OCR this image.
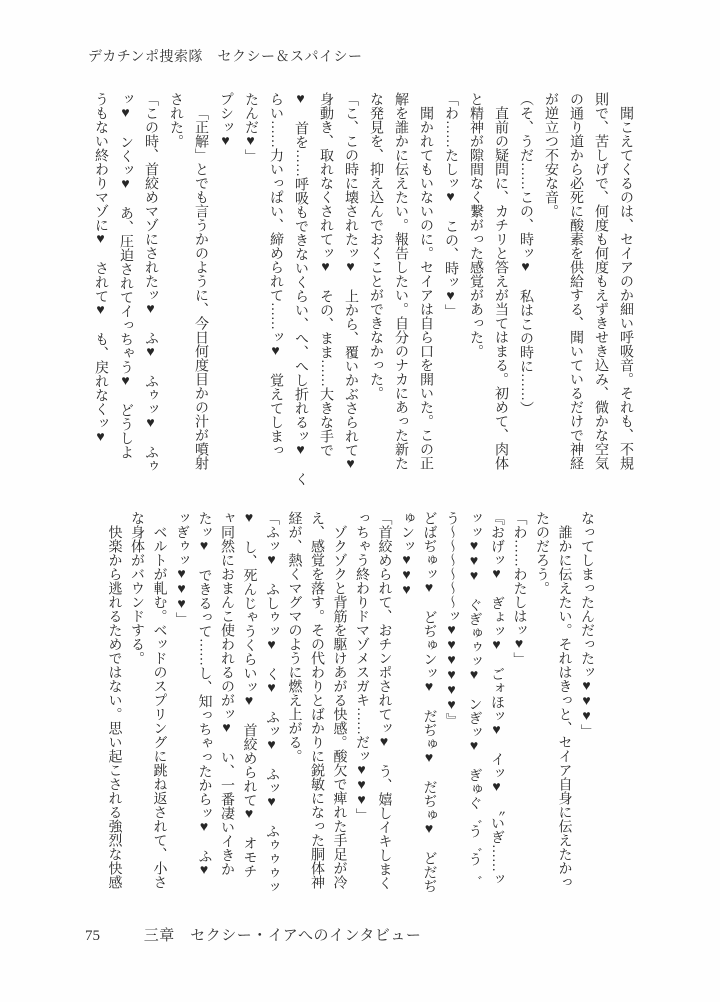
デカチンポ捜索隊　セクシー＆スパイシー

聞こえてくるのは、セイアのか細い呼吸音。それも、不規

則で、苦しげで、何度も何度もえずきせき込み、微かな空気

の通り道から必死に酸素を供給する、聞いているだけで神経

が逆立つ不安な音。

（そ、うだ……この、時ッ♥　私はこの時に……）

直前の疑問に、カチリと答えが当てはまる。初めて、肉体

と精神が隙間なく繋がった感覚があった。

「わ……たしッ♥　この、時ッ♥」

聞かれてもいないのに。セイアは自ら口を開いた。この正

解を誰かに伝えたい。報告したい。自分のナカにあった新た

な発見を、抑え込んでおくことができなかった。

「こ、この時に壊されたッ♥　上から、覆いかぶさられて♥

身動き、取れなくされてッ♥　その、まま……大きな手で

♥　首を……呼吸もできないくらい、へ、へし折れるッ♥　く

らい……力いっぱい、締められて……ッ♥　覚えてしまっ

たんだ♥」

プシッ♥

「正解」とでも言うかのように、今日何度目かの汁が噴射

された。

「この時、首絞めマゾにされたッ♥　ふ♥　ふゥッ♥　ふゥ

ッ♥　ンくッ♥　あ、圧迫されてイっちゃう♥　どうしよ

うもない終わりマゾに♥　されて♥　も、戻れなくッ♥

なってしまったんだったッ♥♥♥」

誰かに伝えたい。それはきっと、セイア自身に伝えたかっ

たのだろう。

「わ……わたしはッ♥」

『おげッ♥　ぎょッ♥　ごォほッ♥　イッ♥　〝いぎ……ッ

ッッ♥♥♥　ぐぎゅゥッ♥　ンぎッ♥　ぎゅぐ゛う゛う゛

う～～～～～～ッ♥♥♥♥♥♥』

どばぢゅッ♥　どぢゅンッ♥　だぢゅ♥　だぢゅ♥　どだぢ

ゅンッ♥♥♥

「首絞められて、おチンポされてッ♥　う、嬉しイキしまく

っちゃう終わりドマゾメスガキ……だッ♥♥♥」

ゾクゾクと背筋を駆けあがる快感。酸欠で痺れた手足が冷

え、感覚を落す。その代わりとばかりに鋭敏になった胴体神

経が、熱くマグマのように燃え上がる。

「ふッ♥　ふしゥッ♥　く♥　ふッ♥　ふッ♥　ふゥゥゥッ

♥　し、死んじゃうくらいッ♥　首絞められて♥　オモチ

ャ同然におまんこ使われるのがッ♥　い、一番凄いイきか

たッ♥　できるって……し、知っちゃったからッ♥　ふ♥

ッぎゥッ♥♥♥」

ベルトが軋む。ベッドのスプリングに跳ね返されて、小さ

な身体がバウンドする。

快楽から逃れるためではない。思い起こされる強烈な快感

75	三章　セクシー・イアへのインタビュー
